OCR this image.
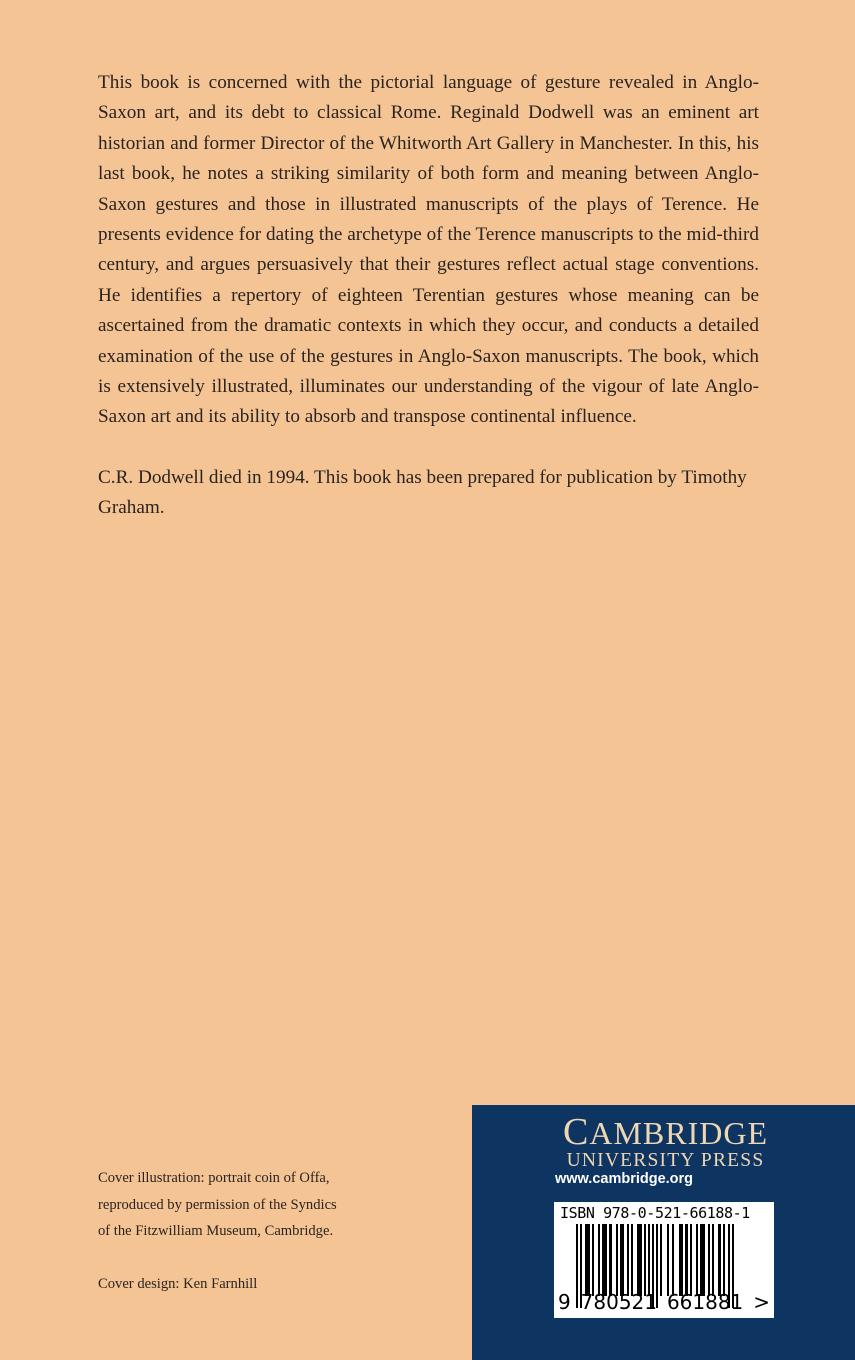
This book is concerned with the pictorial language of gesture revealed in Anglo-Saxon art, and its debt to classical Rome. Reginald Dodwell was an eminent art historian and former Director of the Whitworth Art Gallery in Manchester. In this, his last book, he notes a striking similarity of both form and meaning between Anglo-Saxon gestures and those in illustrated manuscripts of the plays of Terence. He presents evidence for dating the archetype of the Terence manuscripts to the mid-third century, and argues persuasively that their gestures reflect actual stage conventions. He identifies a repertory of eighteen Terentian gestures whose meaning can be ascertained from the dramatic contexts in which they occur, and conducts a detailed examination of the use of the gestures in Anglo-Saxon manuscripts. The book, which is extensively illustrated, illuminates our understanding of the vigour of late Anglo-Saxon art and its ability to absorb and transpose continental influence.

C.R. Dodwell died in 1994. This book has been prepared for publication by Timothy Graham.

Cover illustration: portrait coin of Offa, reproduced by permission of the Syndics of the Fitzwilliam Museum, Cambridge.

Cover design: Ken Farnhill

CAMBRIDGE
UNIVERSITY PRESS
www.cambridge.org
ISBN 978-0-521-66188-1
9 780521 661881 >
